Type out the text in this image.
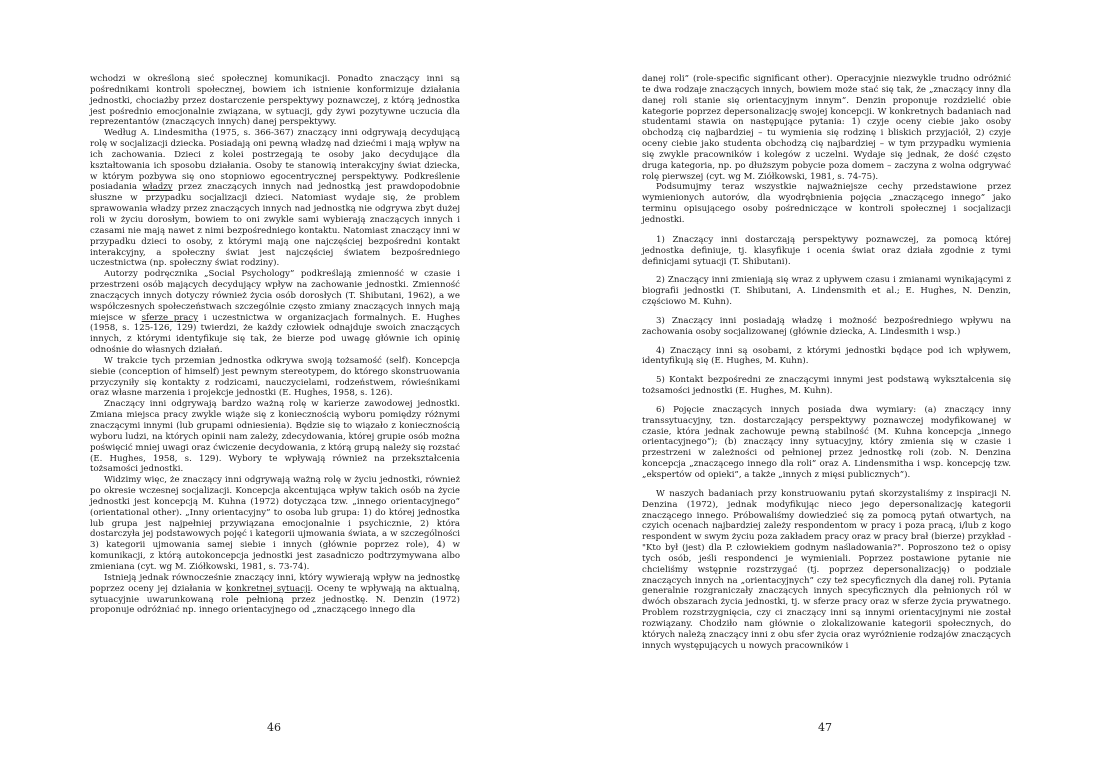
wchodzi w określoną sieć społecznej komunikacji. Ponadto znaczący inni są pośrednikami kontroli społecznej, bowiem ich istnienie konformizuje działania jednostki, chociażby przez dostarczenie perspektywy poznawczej, z którą jednostka jest pośrednio emocjonalnie związana, w sytuacji, gdy żywi pozytywne uczucia dla reprezentantów (znaczących innych) danej perspektywy.

Według A. Lindesmitha (1975, s. 366-367) znaczący inni odgrywają decydującą rolę w socjalizacji dziecka. Posiadają oni pewną władzę nad dziećmi i mają wpływ na ich zachowania. Dzieci z kolei postrzegają te osoby jako decydujące dla kształtowania ich sposobu działania. Osoby te stanowią interakcyjny świat dziecka, w którym pozbywa się ono stopniowo egocentrycznej perspektywy. Podkreślenie posiadania władzy przez znaczących innych nad jednostką jest prawdopodobnie słuszne w przypadku socjalizacji dzieci. Natomiast wydaje się, że problem sprawowania władzy przez znaczących innych nad jednostką nie odgrywa zbyt dużej roli w życiu dorosłym, bowiem to oni zwykle sami wybierają znaczących innych i czasami nie mają nawet z nimi bezpośredniego kontaktu. Natomiast znaczący inni w przypadku dzieci to osoby, z którymi mają one najczęściej bezpośredni kontakt interakcyjny, a społeczny świat jest najczęściej światem bezpośredniego uczestnictwa (np. społeczny świat rodziny).

Autorzy podręcznika „Social Psychology” podkreślają zmienność w czasie i przestrzeni osób mających decydujący wpływ na zachowanie jednostki. Zmienność znaczących innych dotyczy również życia osób dorosłych (T. Shibutani, 1962), a we współczesnych społeczeństwach szczególnie często zmiany znaczących innych mają miejsce w sferze pracy i uczestnictwa w organizacjach formalnych. E. Hughes (1958, s. 125-126, 129) twierdzi, że każdy człowiek odnajduje swoich znaczących innych, z którymi identyfikuje się tak, że bierze pod uwagę głównie ich opinię odnośnie do własnych działań.

W trakcie tych przemian jednostka odkrywa swoją tożsamość (self). Koncepcja siebie (conception of himself) jest pewnym stereotypem, do którego skonstruowania przyczyniły się kontakty z rodzicami, nauczycielami, rodzeństwem, rówieśnikami oraz własne marzenia i projekcje jednostki (E. Hughes, 1958, s. 126).

Znaczący inni odgrywają bardzo ważną rolę w karierze zawodowej jednostki. Zmiana miejsca pracy zwykle wiąże się z koniecznością wyboru pomiędzy różnymi znaczącymi innymi (lub grupami odniesienia). Będzie się to wiązało z koniecznością wyboru ludzi, na których opinii nam zależy, zdecydowania, której grupie osób można poświęcić mniej uwagi oraz ćwiczenie decydowania, z którą grupą należy się rozstać (E. Hughes, 1958, s. 129). Wybory te wpływają również na przekształcenia tożsamości jednostki.

Widzimy więc, że znaczący inni odgrywają ważną rolę w życiu jednostki, również po okresie wczesnej socjalizacji. Koncepcja akcentująca wpływ takich osób na życie jednostki jest koncepcją M. Kuhna (1972) dotycząca tzw. „innego orientacyjnego” (orientational other). „Inny orientacyjny” to osoba lub grupa: 1) do której jednostka lub grupa jest najpełniej przywiązana emocjonalnie i psychicznie, 2) która dostarczyła jej podstawowych pojęć i kategorii ujmowania świata, a w szczególności 3) kategorii ujmowania samej siebie i innych (głównie poprzez role), 4) w komunikacji, z którą autokoncepcja jednostki jest zasadniczo podtrzymywana albo zmieniana (cyt. wg M. Ziółkowski, 1981, s. 73-74).

Istnieją jednak równocześnie znaczący inni, który wywierają wpływ na jednostkę poprzez oceny jej działania w konkretnej sytuacji. Oceny te wpływają na aktualną, sytuacyjnie uwarunkowaną role pełnioną przez jednostkę. N. Denzin (1972) proponuje odróżniać np. innego orientacyjnego od „znaczącego innego dla

46

danej roli” (role-specific significant other). Operacyjnie niezwykle trudno odróżnić te dwa rodzaje znaczących innych, bowiem może stać się tak, że „znaczący inny dla danej roli stanie się orientacyjnym innym”. Denzin proponuje rozdzielić obie kategorie poprzez depersonalizację swojej koncepcji. W konkretnych badaniach nad studentami stawia on następujące pytania: 1) czyje oceny ciebie jako osoby obchodzą cię najbardziej – tu wymienia się rodzinę i bliskich przyjaciół, 2) czyje oceny ciebie jako studenta obchodzą cię najbardziej – w tym przypadku wymienia się zwykle pracowników i kolegów z uczelni. Wydaje się jednak, że dość często druga kategoria, np. po dłuższym pobycie poza domem – zaczyna z wolna odgrywać rolę pierwszej (cyt. wg M. Ziółkowski, 1981, s. 74-75).

Podsumujmy teraz wszystkie najważniejsze cechy przedstawione przez wymienionych autorów, dla wyodrębnienia pojęcia „znaczącego innego” jako terminu opisującego osoby pośredniczące w kontroli społecznej i socjalizacji jednostki.

1) Znaczący inni dostarczają perspektywy poznawczej, za pomocą której jednostka definiuje, tj. klasyfikuje i ocenia świat oraz działa zgodnie z tymi definicjami sytuacji (T. Shibutani).

2) Znaczący inni zmieniają się wraz z upływem czasu i zmianami wynikającymi z biografii jednostki (T. Shibutani, A. Lindensmith et al.; E. Hughes, N. Denzin, częściowo M. Kuhn).

3) Znaczący inni posiadają władzę i możność bezpośredniego wpływu na zachowania osoby socjalizowanej (głównie dziecka, A. Lindesmith i wsp.)

4) Znaczący inni są osobami, z którymi jednostki będące pod ich wpływem, identyfikują się (E. Hughes, M. Kuhn).

5) Kontakt bezpośredni ze znaczącymi innymi jest podstawą wykształcenia się tożsamości jednostki (E. Hughes, M. Kuhn).

6) Pojęcie znaczących innych posiada dwa wymiary: (a) znaczący inny transsytuacyjny, tzn. dostarczający perspektywy poznawczej modyfikowanej w czasie, która jednak zachowuje pewną stabilność (M. Kuhna koncepcja „innego orientacyjnego”); (b) znaczący inny sytuacyjny, który zmienia się w czasie i przestrzeni w zależności od pełnionej przez jednostkę roli (zob. N. Denzina koncepcja „znaczącego innego dla roli” oraz A. Lindensmitha i wsp. koncepcję tzw. „ekspertów od opieki”, a także „innych z mięsi publicznych”).

W naszych badaniach przy konstruowaniu pytań skorzystaliśmy z inspiracji N. Denzina (1972), jednak modyfikując nieco jego depersonalizację kategorii znaczącego innego. Próbowaliśmy dowiedzieć się za pomocą pytań otwartych, na czyich ocenach najbardziej zależy respondentom w pracy i poza pracą, i/lub z kogo respondent w swym życiu poza zakładem pracy oraz w pracy brał (bierze) przykład - "Kto był (jest) dla P. człowiekiem godnym naśladowania?". Poproszono też o opisy tych osób, jeśli respondenci je wymieniali. Poprzez postawione pytanie nie chcieliśmy wstępnie rozstrzygać (tj. poprzez depersonalizację) o podziale znaczących innych na „orientacyjnych” czy też specyficznych dla danej roli. Pytania generalnie rozgraniczały znaczących innych specyficznych dla pełnionych ról w dwóch obszarach życia jednostki, tj. w sferze pracy oraz w sferze życia prywatnego. Problem rozstrzygnięcia, czy ci znaczący inni są innymi orientacyjnymi nie został rozwiązany. Chodziło nam głównie o zlokalizowanie kategorii społecznych, do których należą znaczący inni z obu sfer życia oraz wyróżnienie rodzajów znaczących innych występujących u nowych pracowników i

47
